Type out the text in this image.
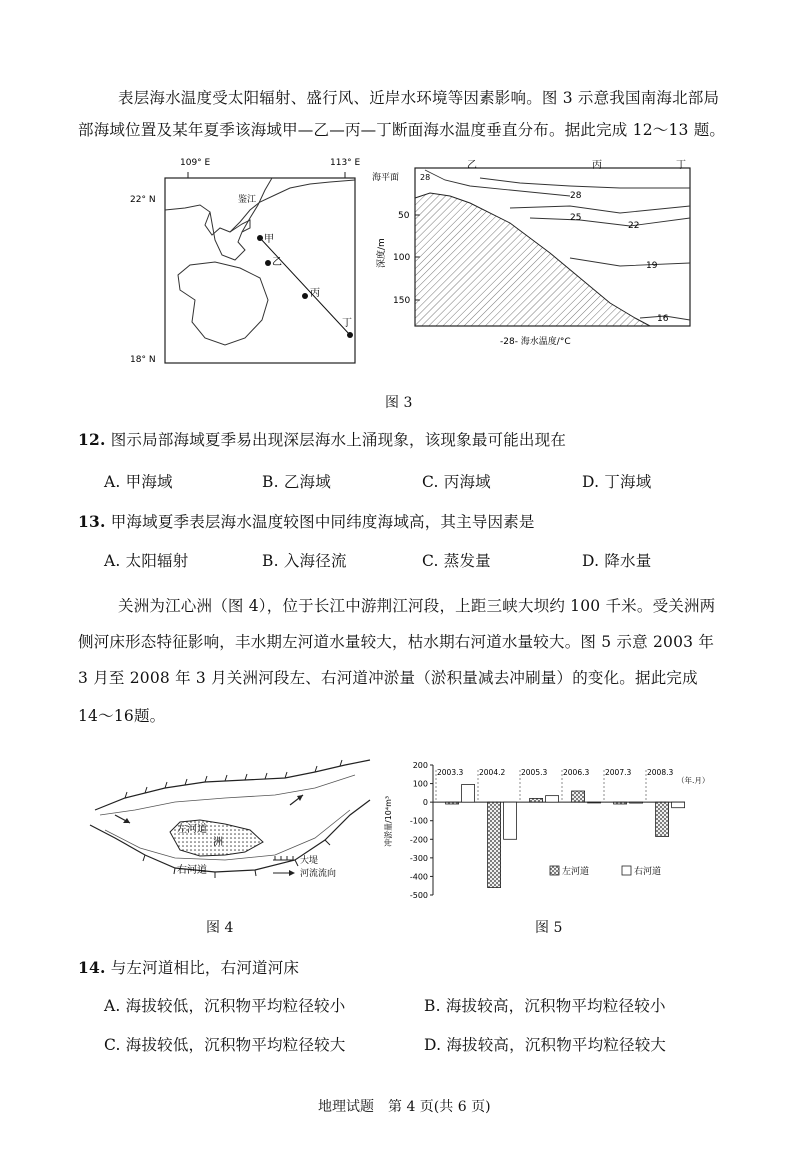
表层海水温度受太阳辐射、盛行风、近岸水环境等因素影响。图 3 示意我国南海北部局
部海域位置及某年夏季该海域甲—乙—丙—丁断面海水温度垂直分布。据此完成 12～13 题。
109° E	113° E
22° N
18° N
鉴江
甲
乙
丙
丁
海平面
50
100
150
深度/m
乙	丙	丁
28
28
25
22
19
16
-28- 海水温度/°C
图 3
12. 图示局部海域夏季易出现深层海水上涌现象，该现象最可能出现在
A. 甲海域	B. 乙海域	C. 丙海域	D. 丁海域
13. 甲海域夏季表层海水温度较图中同纬度海域高，其主导因素是
A. 太阳辐射	B. 入海径流	C. 蒸发量	D. 降水量
关洲为江心洲（图 4），位于长江中游荆江河段，上距三峡大坝约 100 千米。受关洲两
侧河床形态特征影响，丰水期左河道水量较大，枯水期右河道水量较大。图 5 示意 2003 年
3 月至 2008 年 3 月关洲河段左、右河道冲淤量（淤积量减去冲刷量）的变化。据此完成
14～16题。
左河道
洲
右河道
大堤
河流流向
图 4
200
100
0
-100
-200
-300
-400
-500
2003.3 2004.2 2005.3 2006.3 2007.3 2008.3
（年.月）
冲淤量/10⁴m³
左河道	右河道
图 5
14. 与左河道相比，右河道河床
A. 海拔较低，沉积物平均粒径较小	B. 海拔较高，沉积物平均粒径较小
C. 海拔较低，沉积物平均粒径较大	D. 海拔较高，沉积物平均粒径较大
地理试题　第 4 页(共 6 页)
